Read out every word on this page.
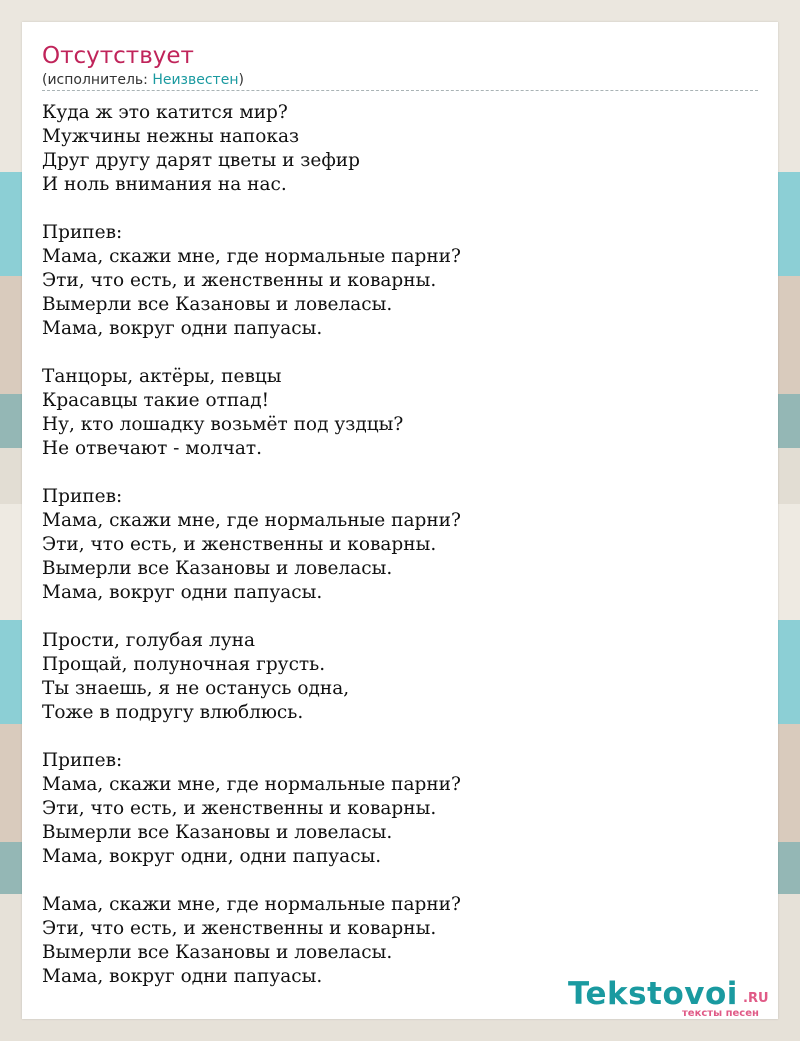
Отсутствует
(исполнитель: Неизвестен)
Куда ж это катится мир?
Мужчины нежны напоказ
Друг другу дарят цветы и зефир
И ноль внимания на нас.
Припев:
Мама, скажи мне, где нормальные парни?
Эти, что есть, и женственны и коварны.
Вымерли все Казановы и ловеласы.
Мама, вокруг одни папуасы.
Танцоры, актёры, певцы
Красавцы такие отпад!
Ну, кто лошадку возьмёт под уздцы?
Не отвечают - молчат.
Припев:
Мама, скажи мне, где нормальные парни?
Эти, что есть, и женственны и коварны.
Вымерли все Казановы и ловеласы.
Мама, вокруг одни папуасы.
Прости, голубая луна
Прощай, полуночная грусть.
Ты знаешь, я не останусь одна,
Тоже в подругу влюблюсь.
Припев:
Мама, скажи мне, где нормальные парни?
Эти, что есть, и женственны и коварны.
Вымерли все Казановы и ловеласы.
Мама, вокруг одни, одни папуасы.
Мама, скажи мне, где нормальные парни?
Эти, что есть, и женственны и коварны.
Вымерли все Казановы и ловеласы.
Мама, вокруг одни папуасы.	Tekstovoi .RU
тексты песен
